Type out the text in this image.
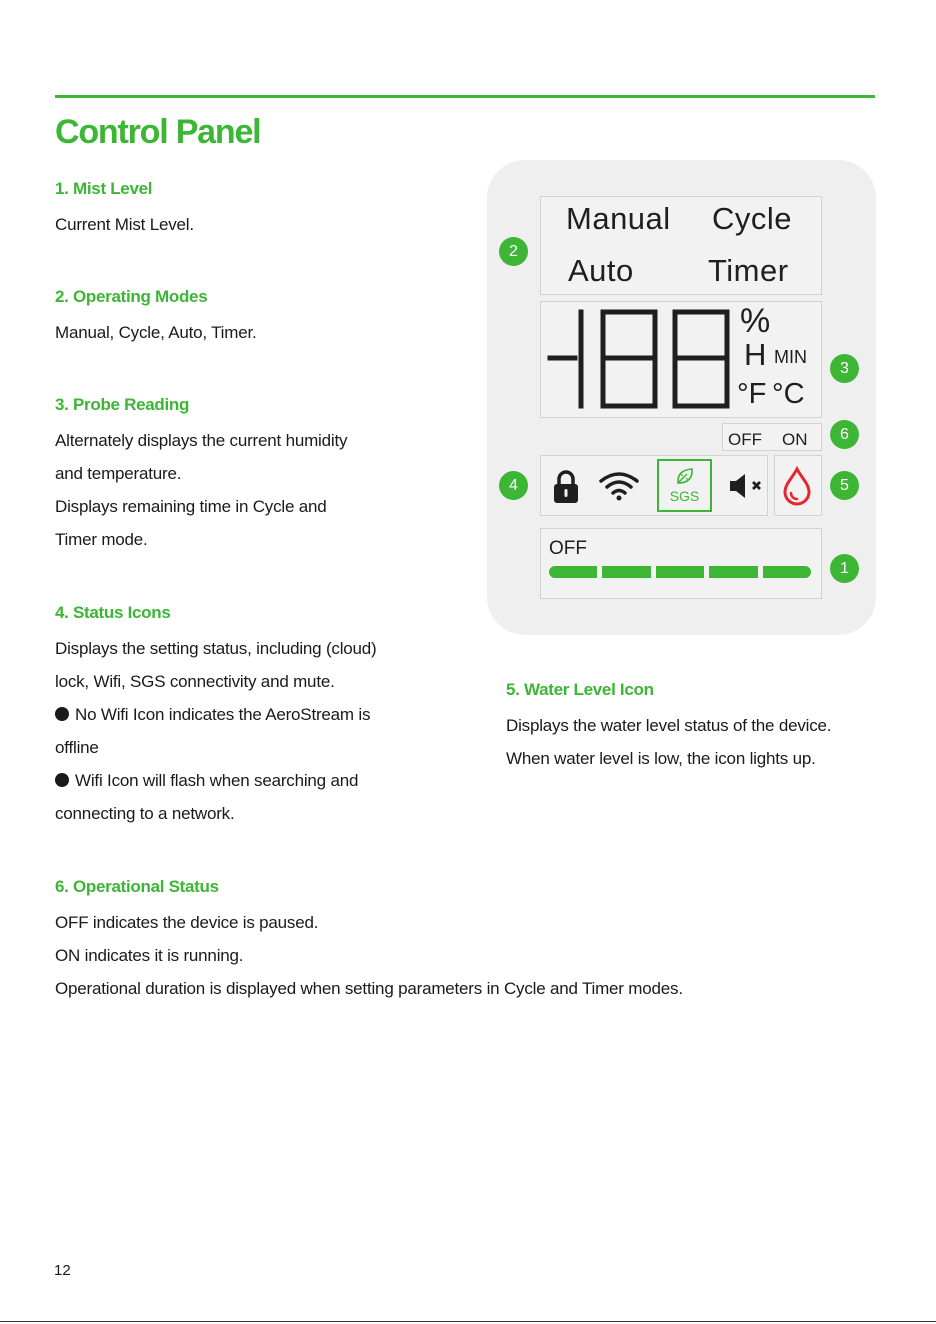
Control Panel
1. Mist Level

Current Mist Level.

2. Operating Modes

Manual, Cycle, Auto, Timer.

3. Probe Reading

Alternately displays the current humidity

and temperature.

Displays remaining time in Cycle and

Timer mode.

4. Status Icons

Displays the setting status, including (cloud)

lock, Wifi, SGS connectivity and mute.

No Wifi Icon indicates the AeroStream is

offline

Wifi Icon will flash when searching and

connecting to a network.

5. Water Level Icon

Displays the water level status of the device.

When water level is low, the icon lights up.

6. Operational Status

OFF indicates the device is paused.

ON indicates it is running.

Operational duration is displayed when setting parameters in Cycle and Timer modes.

Manual Cycle
Auto Timer
%
H MIN
°F °C
OFF ON
SGS
OFF
2
3
6
4	5
1
12
